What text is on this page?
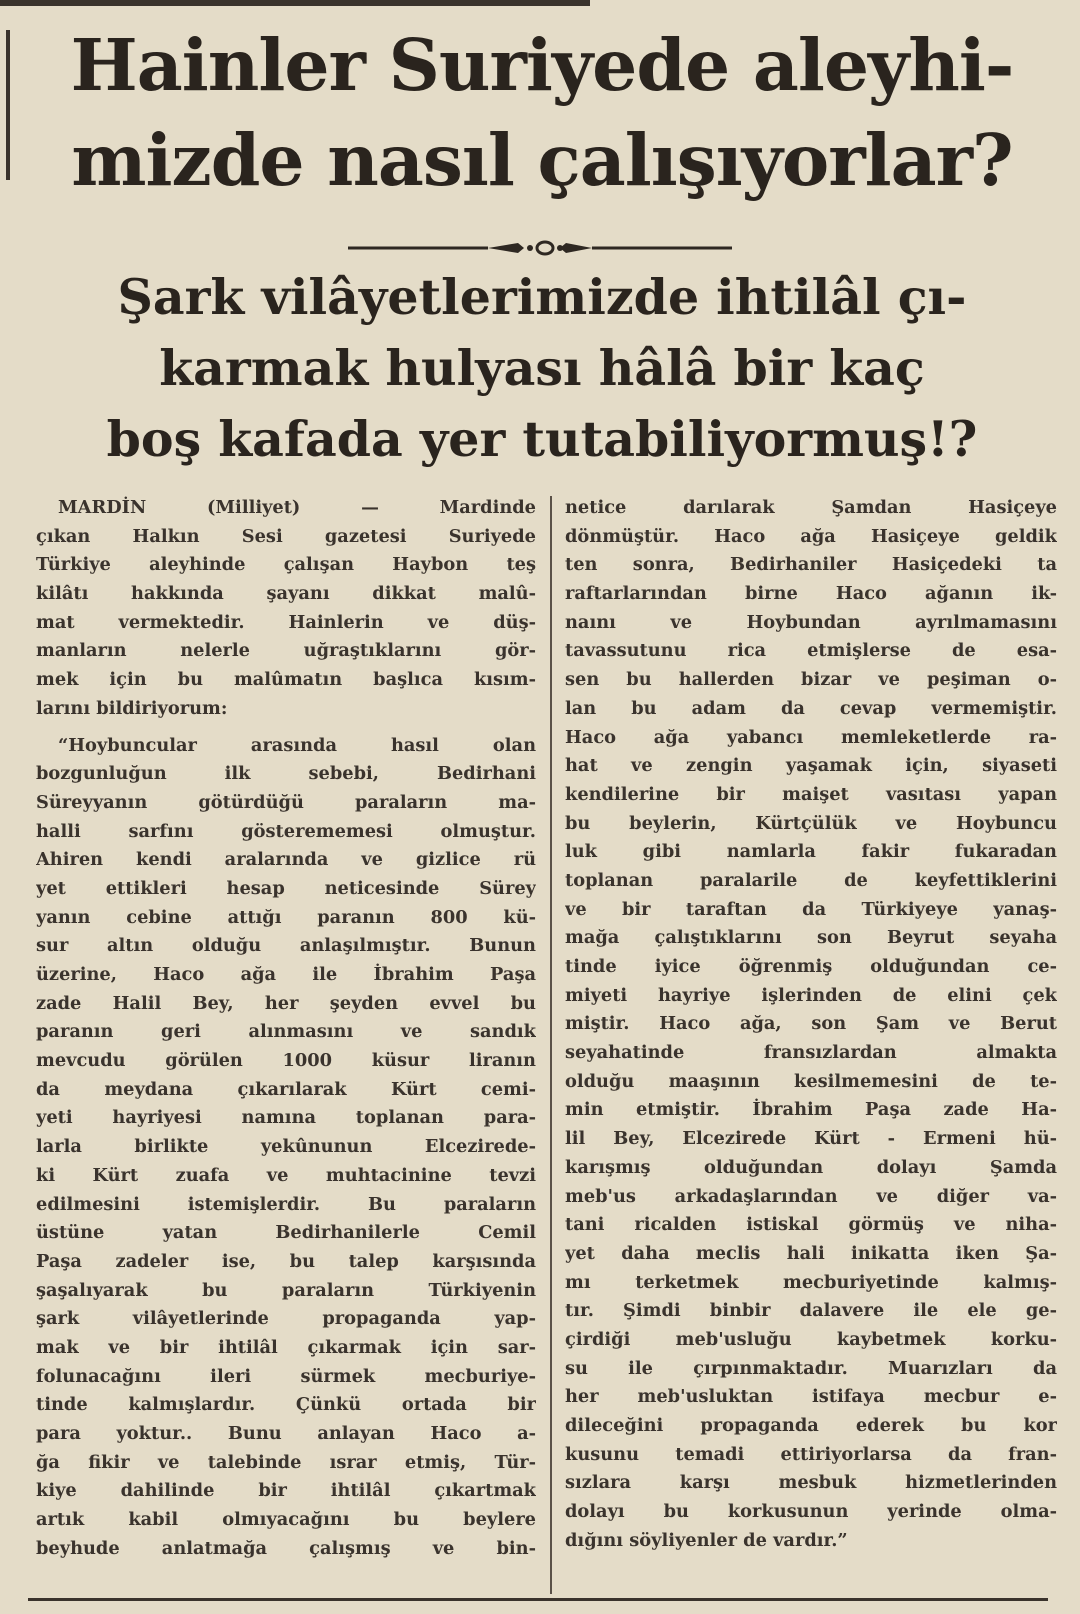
Hainler Suriyede aleyhi-
mizde nasıl çalışıyorlar?
Şark vilâyetlerimizde ihtilâl çı-
karmak hulyası hâlâ bir kaç
boş kafada yer tutabiliyormuş!?
MARDİN (Milliyet) — Mardinde
çıkan Halkın Sesi gazetesi Suriyede
Türkiye aleyhinde çalışan Haybon teş
kilâtı hakkında şayanı dikkat malû-
mat vermektedir. Hainlerin ve düş-
manların nelerle uğraştıklarını gör-
mek için bu malûmatın başlıca kısım-
larını bildiriyorum:
“Hoybuncular arasında hasıl olan
bozgunluğun ilk sebebi, Bedirhani
Süreyyanın götürdüğü paraların ma-
halli sarfını gösterememesi olmuştur.
Ahiren kendi aralarında ve gizlice rü
yet ettikleri hesap neticesinde Sürey
yanın cebine attığı paranın 800 kü-
sur altın olduğu anlaşılmıştır. Bunun
üzerine, Haco ağa ile İbrahim Paşa
zade Halil Bey, her şeyden evvel bu
paranın geri alınmasını ve sandık
mevcudu görülen 1000 küsur liranın
da meydana çıkarılarak Kürt cemi-
yeti hayriyesi namına toplanan para-
larla birlikte yekûnunun Elcezirede-
ki Kürt zuafa ve muhtacinine tevzi
edilmesini istemişlerdir. Bu paraların
üstüne yatan Bedirhanilerle Cemil
Paşa zadeler ise, bu talep karşısında
şaşalıyarak bu paraların Türkiyenin
şark vilâyetlerinde propaganda yap-
mak ve bir ihtilâl çıkarmak için sar-
folunacağını ileri sürmek mecburiye-
tinde kalmışlardır. Çünkü ortada bir
para yoktur.. Bunu anlayan Haco a-
ğa fikir ve talebinde ısrar etmiş, Tür-
kiye dahilinde bir ihtilâl çıkartmak
artık kabil olmıyacağını bu beylere
beyhude anlatmağa çalışmış ve bin-
netice darılarak Şamdan Hasiçeye
dönmüştür. Haco ağa Hasiçeye geldik
ten sonra, Bedirhaniler Hasiçedeki ta
raftarlarından birne Haco ağanın ik-
naını ve Hoybundan ayrılmamasını
tavassutunu rica etmişlerse de esa-
sen bu hallerden bizar ve peşiman o-
lan bu adam da cevap vermemiştir.
Haco ağa yabancı memleketlerde ra-
hat ve zengin yaşamak için, siyaseti
kendilerine bir maişet vasıtası yapan
bu beylerin, Kürtçülük ve Hoybuncu
luk gibi namlarla fakir fukaradan
toplanan paralarile de keyfettiklerini
ve bir taraftan da Türkiyeye yanaş-
mağa çalıştıklarını son Beyrut seyaha
tinde iyice öğrenmiş olduğundan ce-
miyeti hayriye işlerinden de elini çek
miştir. Haco ağa, son Şam ve Berut
seyahatinde fransızlardan almakta
olduğu maaşının kesilmemesini de te-
min etmiştir. İbrahim Paşa zade Ha-
lil Bey, Elcezirede Kürt - Ermeni hü-
karışmış olduğundan dolayı Şamda
meb'us arkadaşlarından ve diğer va-
tani ricalden istiskal görmüş ve niha-
yet daha meclis hali inikatta iken Şa-
mı terketmek mecburiyetinde kalmış-
tır. Şimdi binbir dalavere ile ele ge-
çirdiği meb'usluğu kaybetmek korku-
su ile çırpınmaktadır. Muarızları da
her meb'usluktan istifaya mecbur e-
dileceğini propaganda ederek bu kor
kusunu temadi ettiriyorlarsa da fran-
sızlara karşı mesbuk hizmetlerinden
dolayı bu korkusunun yerinde olma-
dığını söyliyenler de vardır.”
